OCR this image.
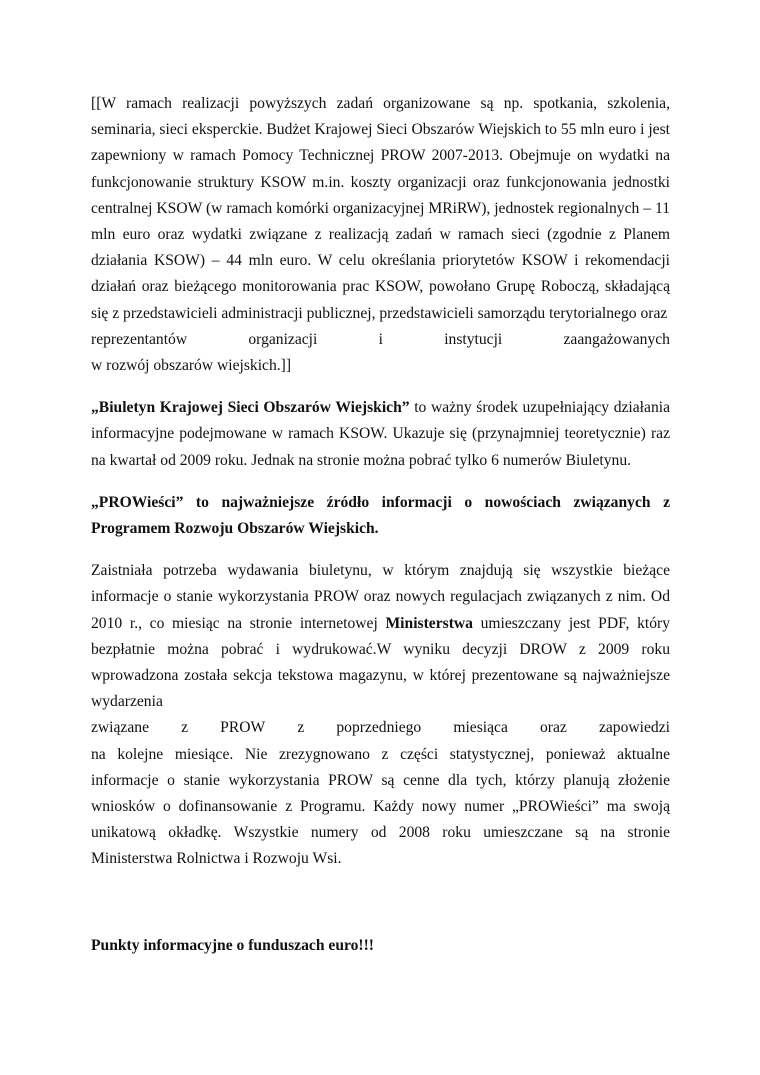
[[W ramach realizacji powyższych zadań organizowane są np. spotkania, szkolenia, seminaria, sieci eksperckie. Budżet Krajowej Sieci Obszarów Wiejskich to 55 mln euro i jest zapewniony w ramach Pomocy Technicznej PROW 2007-2013. Obejmuje on wydatki na funkcjonowanie struktury KSOW m.in. koszty organizacji oraz funkcjonowania jednostki centralnej KSOW (w ramach komórki organizacyjnej MRiRW), jednostek regionalnych – 11 mln euro oraz wydatki związane z realizacją zadań w ramach sieci (zgodnie z Planem działania KSOW) – 44 mln euro. W celu określania priorytetów KSOW i rekomendacji działań oraz bieżącego monitorowania prac KSOW, powołano Grupę Roboczą, składającą się z przedstawicieli administracji publicznej, przedstawicieli samorządu terytorialnego oraz
reprezentantów	organizacji	i	instytucji	zaangażowanych
w rozwój obszarów wiejskich.]]

„Biuletyn Krajowej Sieci Obszarów Wiejskich” to ważny środek uzupełniający działania informacyjne podejmowane w ramach KSOW. Ukazuje się (przynajmniej teoretycznie) raz na kwartał od 2009 roku. Jednak na stronie można pobrać tylko 6 numerów Biuletynu.

„PROWieści” to najważniejsze źródło informacji o nowościach związanych z Programem Rozwoju Obszarów Wiejskich.

Zaistniała potrzeba wydawania biuletynu, w którym znajdują się wszystkie bieżące informacje o stanie wykorzystania PROW oraz nowych regulacjach związanych z nim. Od 2010 r., co miesiąc na stronie internetowej Ministerstwa umieszczany jest PDF, który bezpłatnie można pobrać i wydrukować.W wyniku decyzji DROW z 2009 roku wprowadzona została sekcja tekstowa magazynu, w której prezentowane są najważniejsze wydarzenia
związane z PROW z poprzedniego miesiąca oraz zapowiedzi
na kolejne miesiące. Nie zrezygnowano z części statystycznej, ponieważ aktualne informacje o stanie wykorzystania PROW są cenne dla tych, którzy planują złożenie wniosków o dofinansowanie z Programu. Każdy nowy numer „PROWieści” ma swoją unikatową okładkę. Wszystkie numery od 2008 roku umieszczane są na stronie Ministerstwa Rolnictwa i Rozwoju Wsi.

Punkty informacyjne o funduszach euro!!!
